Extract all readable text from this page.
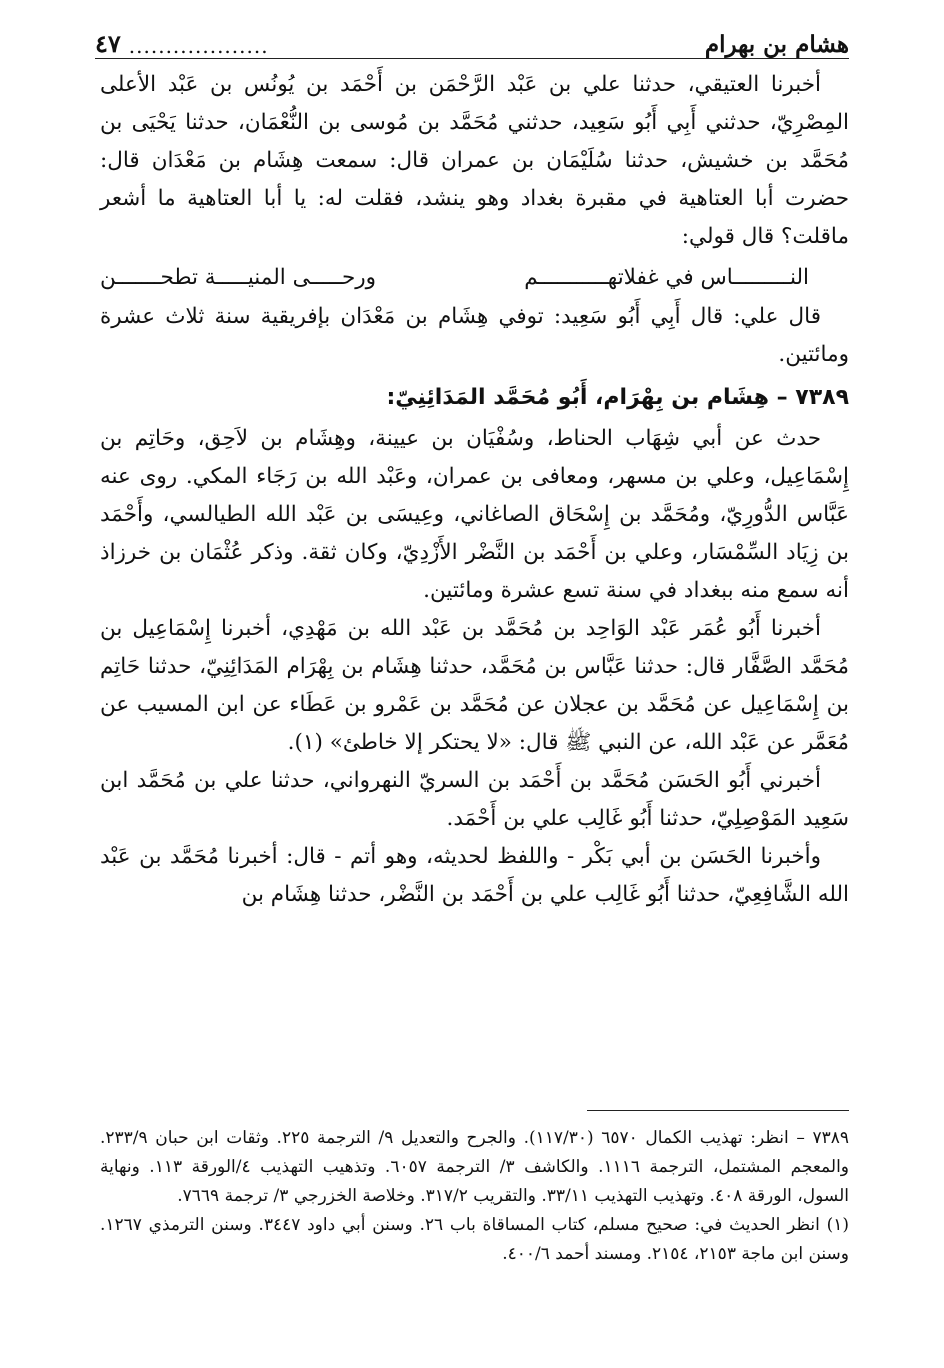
هشام بن بهرام
...................
٤٧

أخبرنا العتيقي، حدثنا علي بن عَبْد الرَّحْمَن بن أَحْمَد بن يُونُس بن عَبْد الأعلى المِصْرِيّ، حدثني أَبِي أَبُو سَعِيد، حدثني مُحَمَّد بن مُوسى بن النُّعْمَان، حدثنا يَحْيَى بن مُحَمَّد بن خشيش، حدثنا سُلَيْمَان بن عمران قال: سمعت هِشَام بن مَعْدَان قال: حضرت أبا العتاهية في مقبرة بغداد وهو ينشد، فقلت له: يا أبا العتاهية ما أشعر ماقلت؟ قال قولي:

النـــــــــاس في غفلاتهـــــــــــم
ورحـــــى المنيـــــة تطحـــــــن

قال علي: قال أَبِي أَبُو سَعِيد: توفي هِشَام بن مَعْدَان بإفريقية سنة ثلاث عشرة ومائتين.

٧٣٨٩ – هِشَام بن بِهْرَام، أَبُو مُحَمَّد المَدَائِنِيّ:

حدث عن أبي شِهَاب الحناط، وسُفْيَان بن عيينة، وهِشَام بن لاَحِق، وحَاتِم بن إِسْمَاعِيل، وعلي بن مسهر، ومعافى بن عمران، وعَبْد الله بن رَجَاء المكي. روى عنه عَبَّاس الدُّورِيّ، ومُحَمَّد بن إِسْحَاق الصاغاني، وعِيسَى بن عَبْد الله الطيالسي، وأَحْمَد بن زِيَاد السِّمْسَار، وعلي بن أَحْمَد بن النَّضْر الأَزْدِيّ، وكان ثقة. وذكر عُثْمَان بن خرزاذ أنه سمع منه ببغداد في سنة تسع عشرة ومائتين.

أخبرنا أَبُو عُمَر عَبْد الوَاحِد بن مُحَمَّد بن عَبْد الله بن مَهْدِي، أخبرنا إِسْمَاعِيل بن مُحَمَّد الصَّفَّار قال: حدثنا عَبَّاس بن مُحَمَّد، حدثنا هِشَام بن بِهْرَام المَدَائِنِيّ، حدثنا حَاتِم بن إِسْمَاعِيل عن مُحَمَّد بن عجلان عن مُحَمَّد بن عَمْرو بن عَطَاء عن ابن المسيب عن مُعَمَّر عن عَبْد الله، عن النبي ﷺ قال: «لا يحتكر إلا خاطئ» (١).

أخبرني أَبُو الحَسَن مُحَمَّد بن أَحْمَد بن السريّ النهرواني، حدثنا علي بن مُحَمَّد ابن سَعِيد المَوْصِلِيّ، حدثنا أَبُو غَالِب علي بن أَحْمَد.

وأخبرنا الحَسَن بن أبي بَكْر - واللفظ لحديثه، وهو أتم - قال: أخبرنا مُحَمَّد بن عَبْد الله الشَّافِعِيّ، حدثنا أَبُو غَالِب علي بن أَحْمَد بن النَّضْر، حدثنا هِشَام بن

٧٣٨٩ – انظر: تهذيب الكمال ٦٥٧٠ (١١٧/٣٠). والجرح والتعديل ٩/ الترجمة ٢٢٥. وثقات ابن حبان ٢٣٣/٩. والمعجم المشتمل، الترجمة ١١١٦. والكاشف ٣/ الترجمة ٦٠٥٧. وتذهيب التهذيب ٤/الورقة ١١٣. ونهاية السول، الورقة ٤٠٨. وتهذيب التهذيب ٣٣/١١. والتقريب ٣١٧/٢. وخلاصة الخزرجي ٣/ ترجمة ٧٦٦٩.

(١) انظر الحديث في: صحيح مسلم، كتاب المساقاة باب ٢٦. وسنن أبي داود ٣٤٤٧. وسنن الترمذي ١٢٦٧. وسنن ابن ماجة ٢١٥٣، ٢١٥٤. ومسند أحمد ٤٠٠/٦.
